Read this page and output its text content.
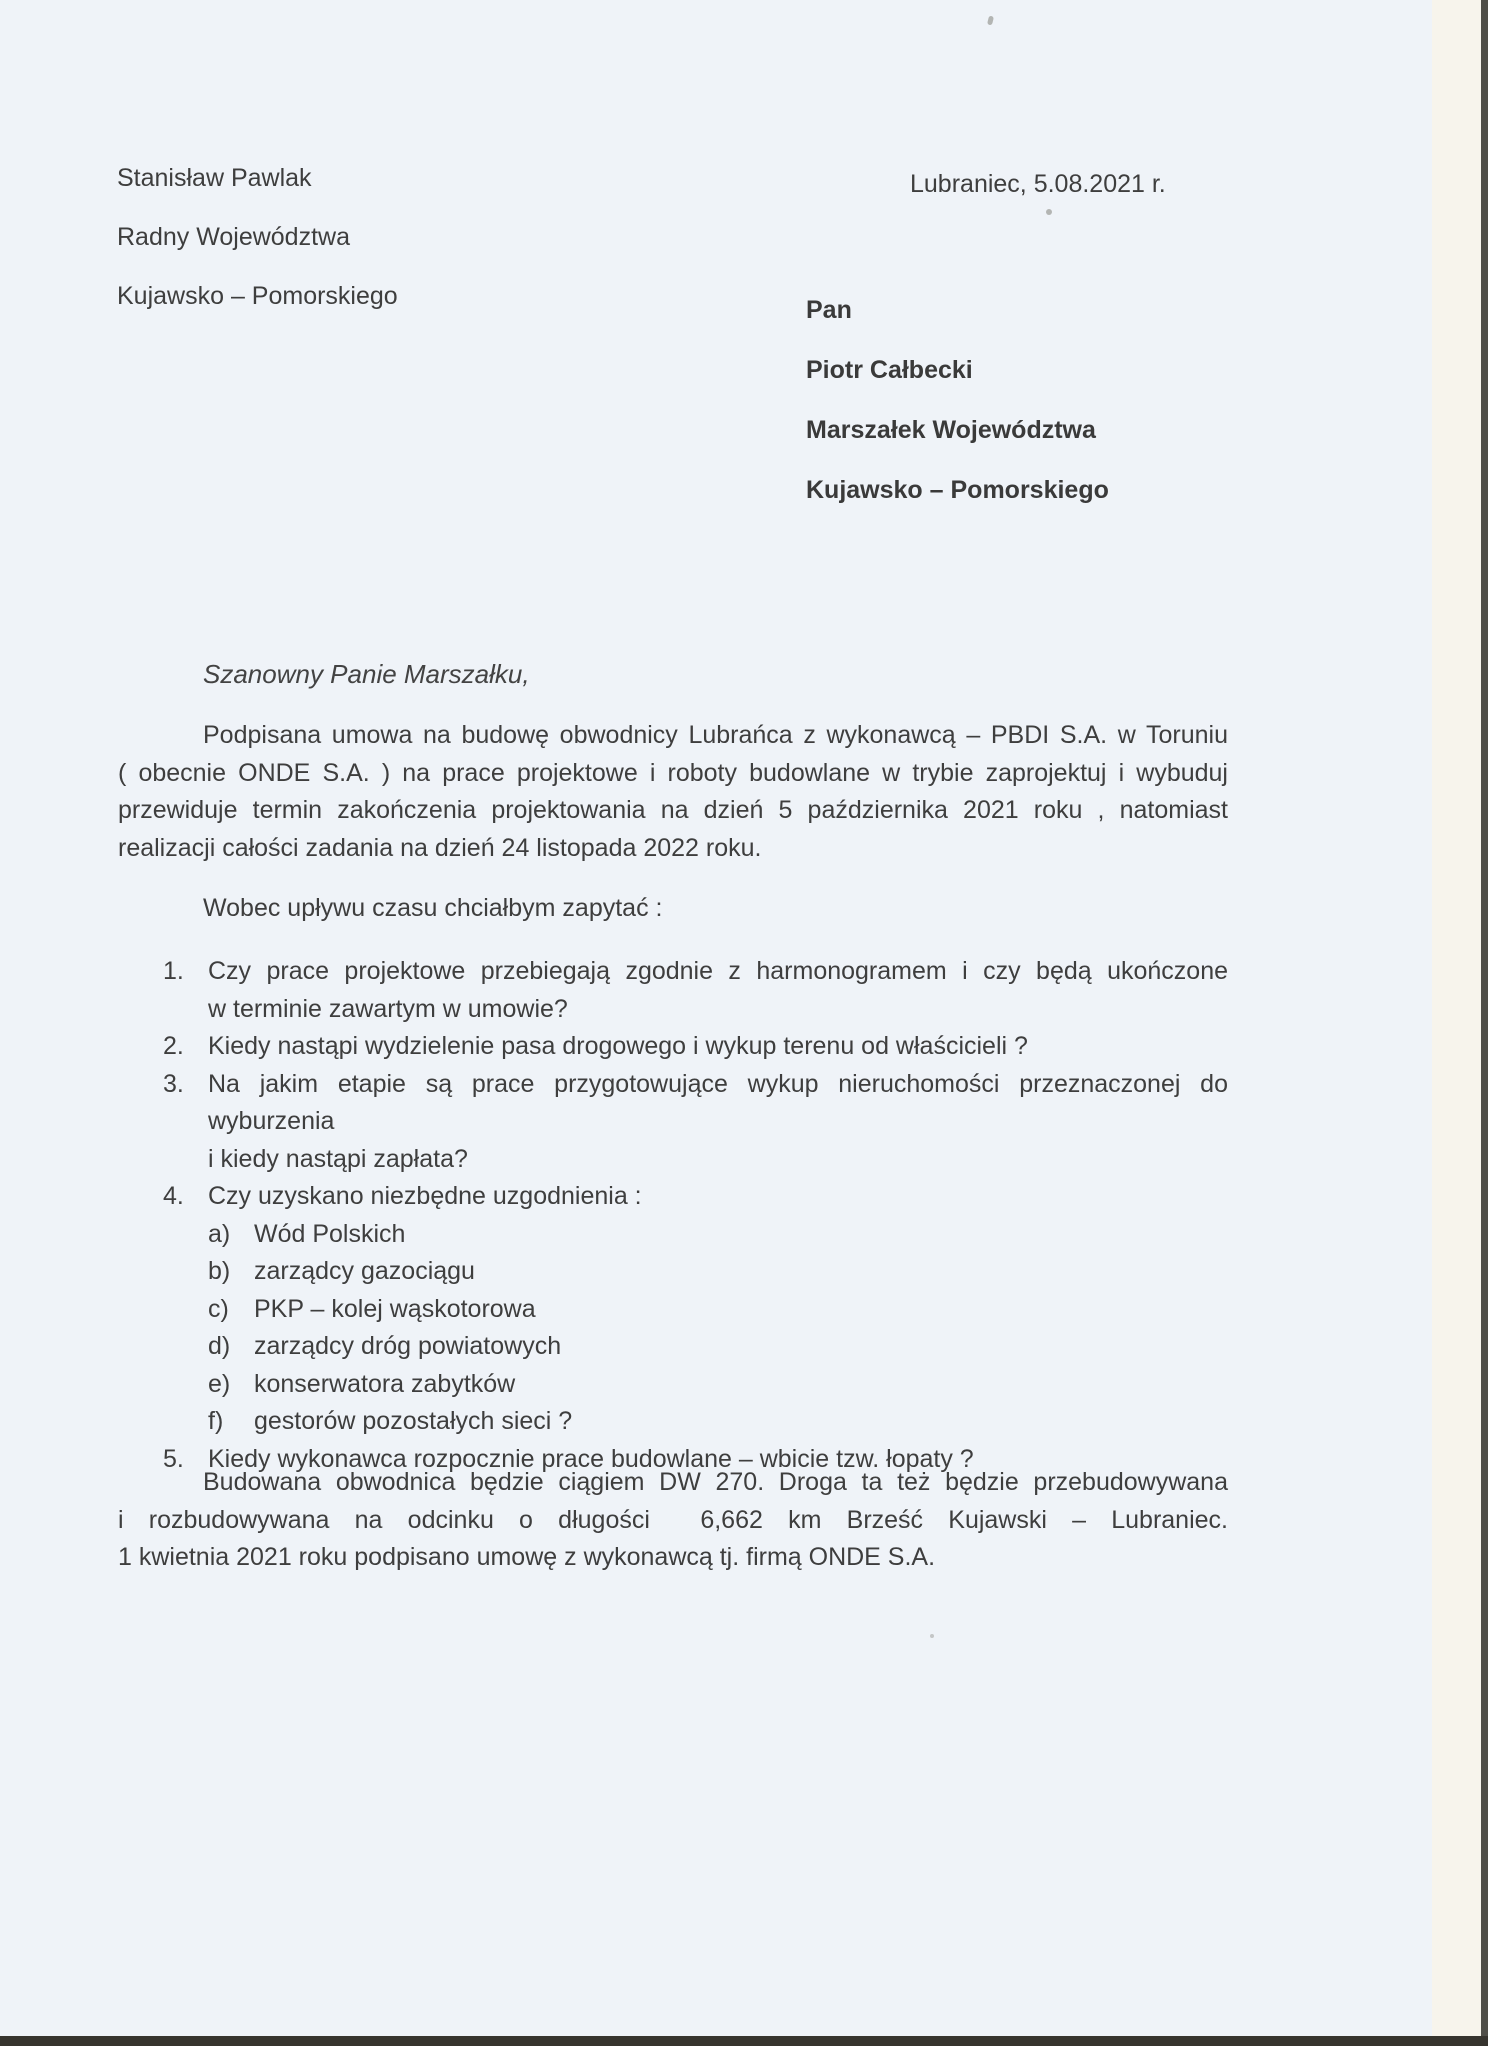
Stanisław Pawlak
Radny Województwa
Kujawsko – Pomorskiego
Lubraniec, 5.08.2021 r.
Pan
Piotr Całbecki
Marszałek Województwa
Kujawsko – Pomorskiego
Szanowny Panie Marszałku,
Podpisana umowa na budowę obwodnicy Lubrańca z wykonawcą – PBDI S.A. w Toruniu
( obecnie ONDE S.A. ) na prace projektowe i roboty budowlane w trybie zaprojektuj i wybuduj
przewiduje termin zakończenia projektowania na dzień 5 października 2021 roku , natomiast
realizacji całości zadania na dzień 24 listopada 2022 roku.
Wobec upływu czasu chciałbym zapytać :
1. Czy prace projektowe przebiegają zgodnie z harmonogramem i czy będą ukończone
w terminie zawartym w umowie?
2. Kiedy nastąpi wydzielenie pasa drogowego i wykup terenu od właścicieli ?
3. Na jakim etapie są prace przygotowujące wykup nieruchomości przeznaczonej do wyburzenia
i kiedy nastąpi zapłata?
4. Czy uzyskano niezbędne uzgodnienia :
a) Wód Polskich
b) zarządcy gazociągu
c)	PKP – kolej wąskotorowa
d) zarządcy dróg powiatowych
e) konserwatora zabytków
f)	gestorów pozostałych sieci ?
5. Kiedy wykonawca rozpocznie prace budowlane – wbicie tzw. łopaty ?
Budowana obwodnica będzie ciągiem DW 270. Droga ta też będzie przebudowywana
i rozbudowywana na odcinku o długości  6,662 km Brześć Kujawski – Lubraniec.
1 kwietnia 2021 roku podpisano umowę z wykonawcą tj. firmą ONDE S.A.
